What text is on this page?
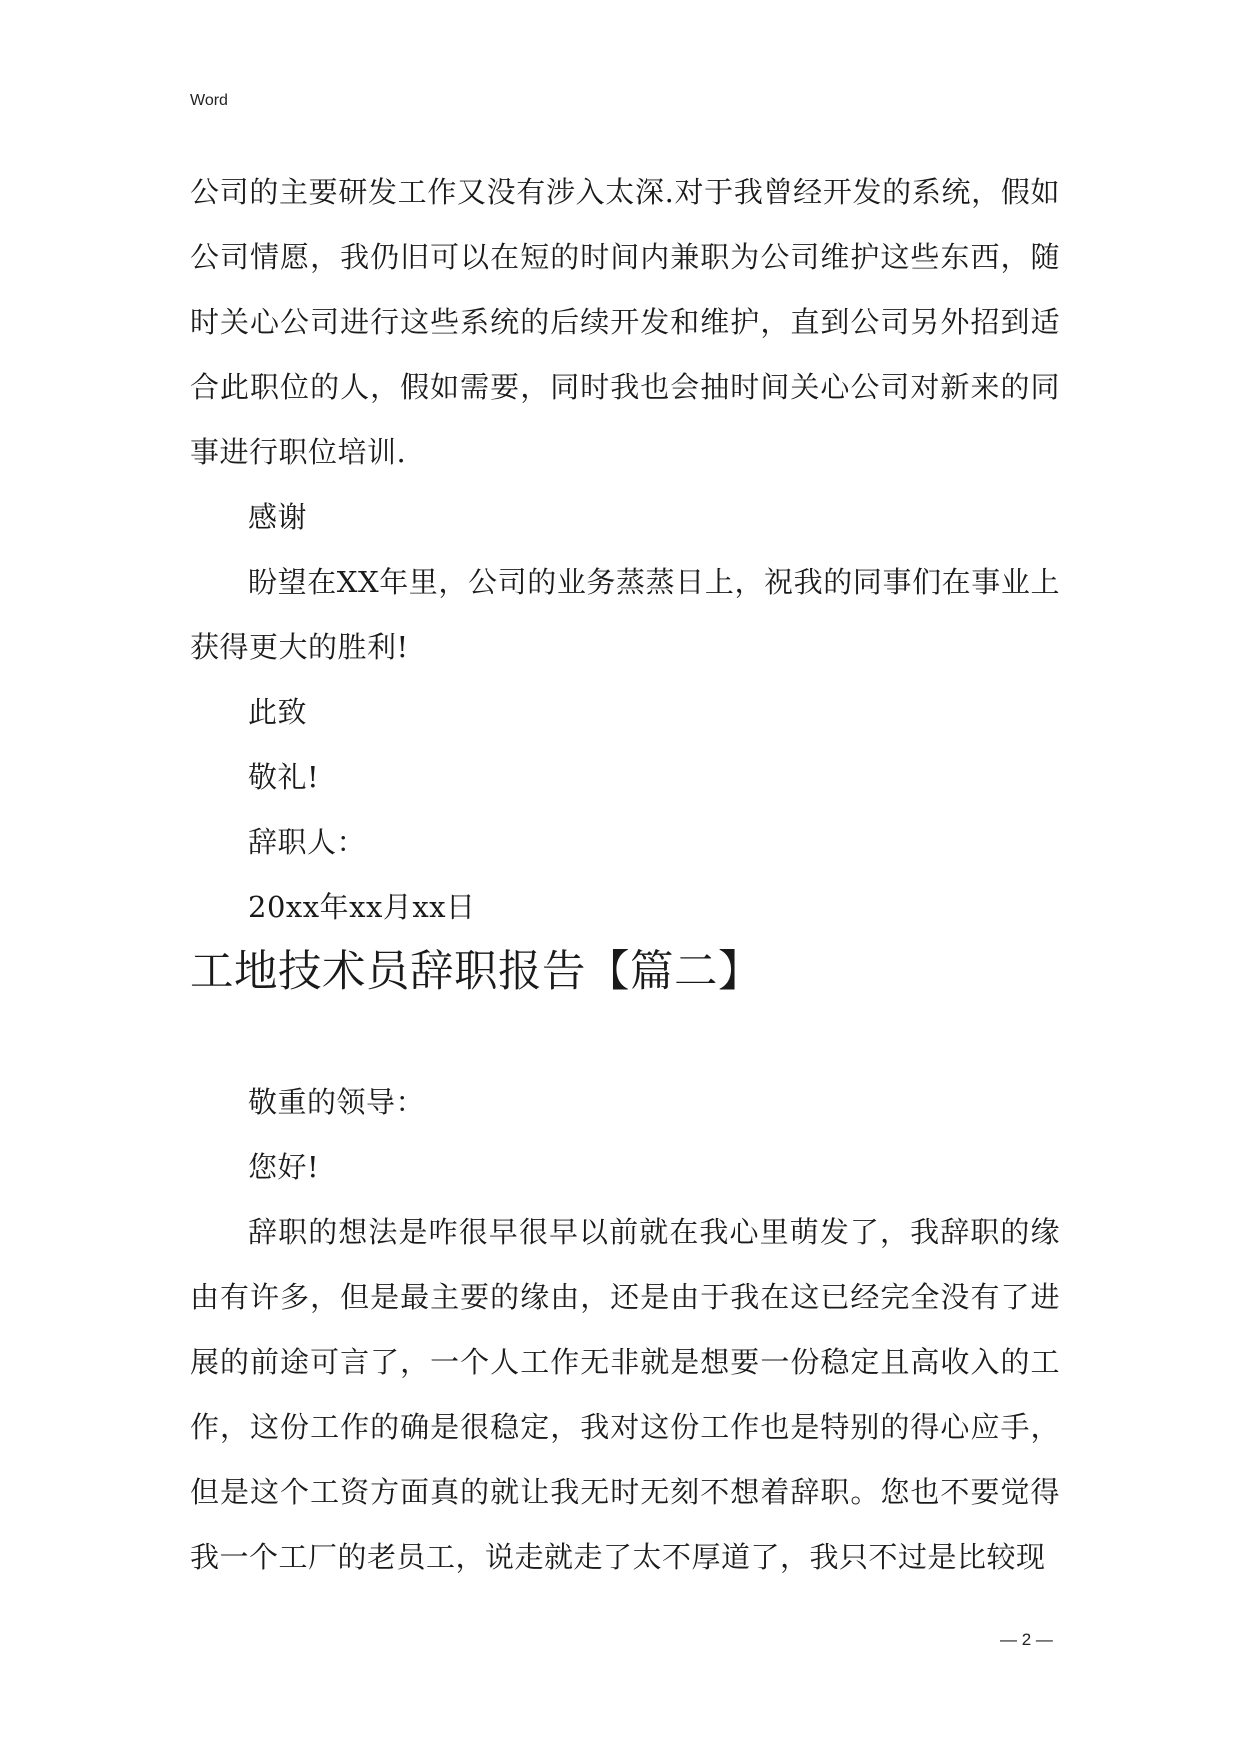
Word

公司的主要研发工作又没有涉入太深.对于我曾经开发的系统，假如公司情愿，我仍旧可以在短的时间内兼职为公司维护这些东西，随时关心公司进行这些系统的后续开发和维护，直到公司另外招到适合此职位的人，假如需要，同时我也会抽时间关心公司对新来的同事进行职位培训.

感谢

盼望在XX年里，公司的业务蒸蒸日上，祝我的同事们在事业上获得更大的胜利!

此致

敬礼!

辞职人：

20xx年xx月xx日

工地技术员辞职报告【篇二】

敬重的领导：

您好!

辞职的想法是咋很早很早以前就在我心里萌发了，我辞职的缘由有许多，但是最主要的缘由，还是由于我在这已经完全没有了进展的前途可言了，一个人工作无非就是想要一份稳定且高收入的工作，这份工作的确是很稳定，我对这份工作也是特别的得心应手，但是这个工资方面真的就让我无时无刻不想着辞职。您也不要觉得我一个工厂的老员工，说走就走了太不厚道了，我只不过是比较现

— 2 —
